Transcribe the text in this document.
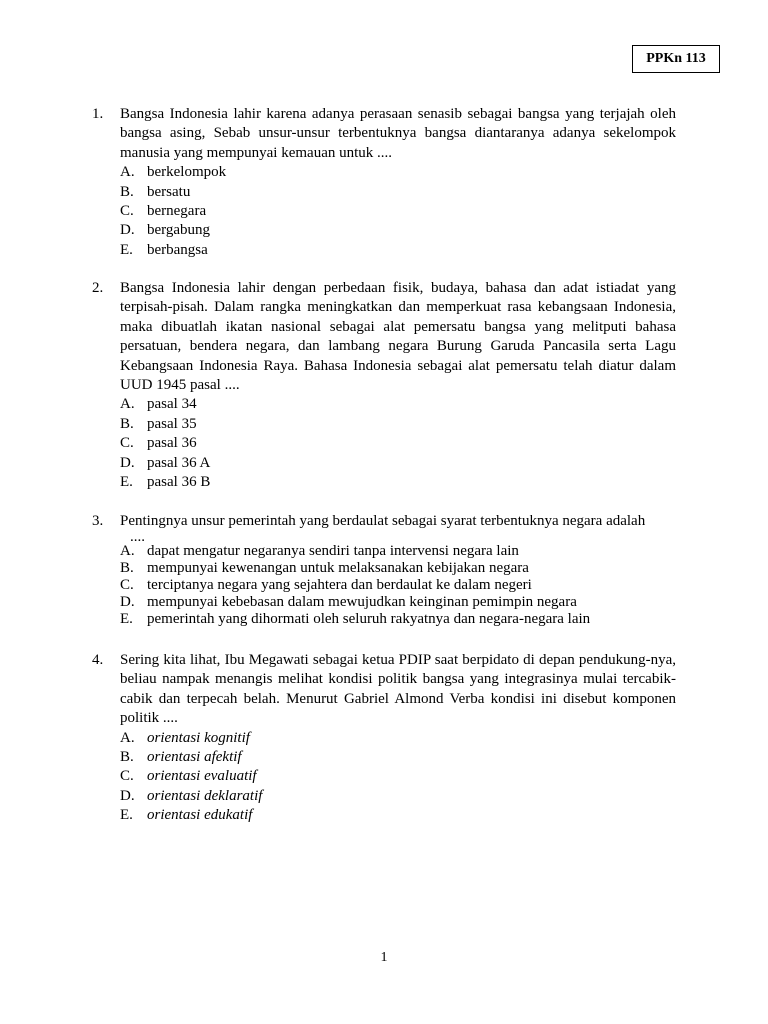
PPKn 113
1. Bangsa Indonesia lahir karena adanya perasaan senasib sebagai bangsa yang terjajah oleh bangsa asing, Sebab unsur-unsur terbentuknya bangsa diantaranya adanya sekelompok manusia yang mempunyai kemauan untuk ....
A. berkelompok
B. bersatu
C. bernegara
D. bergabung
E. berbangsa
2. Bangsa Indonesia lahir dengan perbedaan fisik, budaya, bahasa dan adat istiadat yang terpisah-pisah. Dalam rangka meningkatkan dan memperkuat rasa kebangsaan Indonesia, maka dibuatlah ikatan nasional sebagai alat pemersatu bangsa yang melitputi bahasa persatuan, bendera negara, dan lambang negara Burung Garuda Pancasila serta Lagu Kebangsaan Indonesia Raya. Bahasa Indonesia sebagai alat pemersatu telah diatur dalam UUD 1945 pasal ....
A. pasal 34
B. pasal 35
C. pasal 36
D. pasal 36 A
E. pasal 36 B
3. Pentingnya unsur pemerintah yang berdaulat sebagai syarat terbentuknya negara adalah
....
A. dapat mengatur negaranya sendiri tanpa intervensi negara lain
B. mempunyai kewenangan untuk melaksanakan kebijakan negara
C. terciptanya negara yang sejahtera dan berdaulat ke dalam negeri
D. mempunyai kebebasan dalam mewujudkan keinginan pemimpin negara
E. pemerintah yang dihormati oleh seluruh rakyatnya dan negara-negara lain
4. Sering kita lihat, Ibu Megawati sebagai ketua PDIP saat berpidato di depan pendukung-nya, beliau nampak menangis melihat kondisi politik bangsa yang integrasinya mulai tercabik-cabik dan terpecah belah. Menurut Gabriel Almond Verba kondisi ini disebut komponen politik ....
A. orientasi kognitif
B. orientasi afektif
C. orientasi evaluatif
D. orientasi deklaratif
E. orientasi edukatif
1
